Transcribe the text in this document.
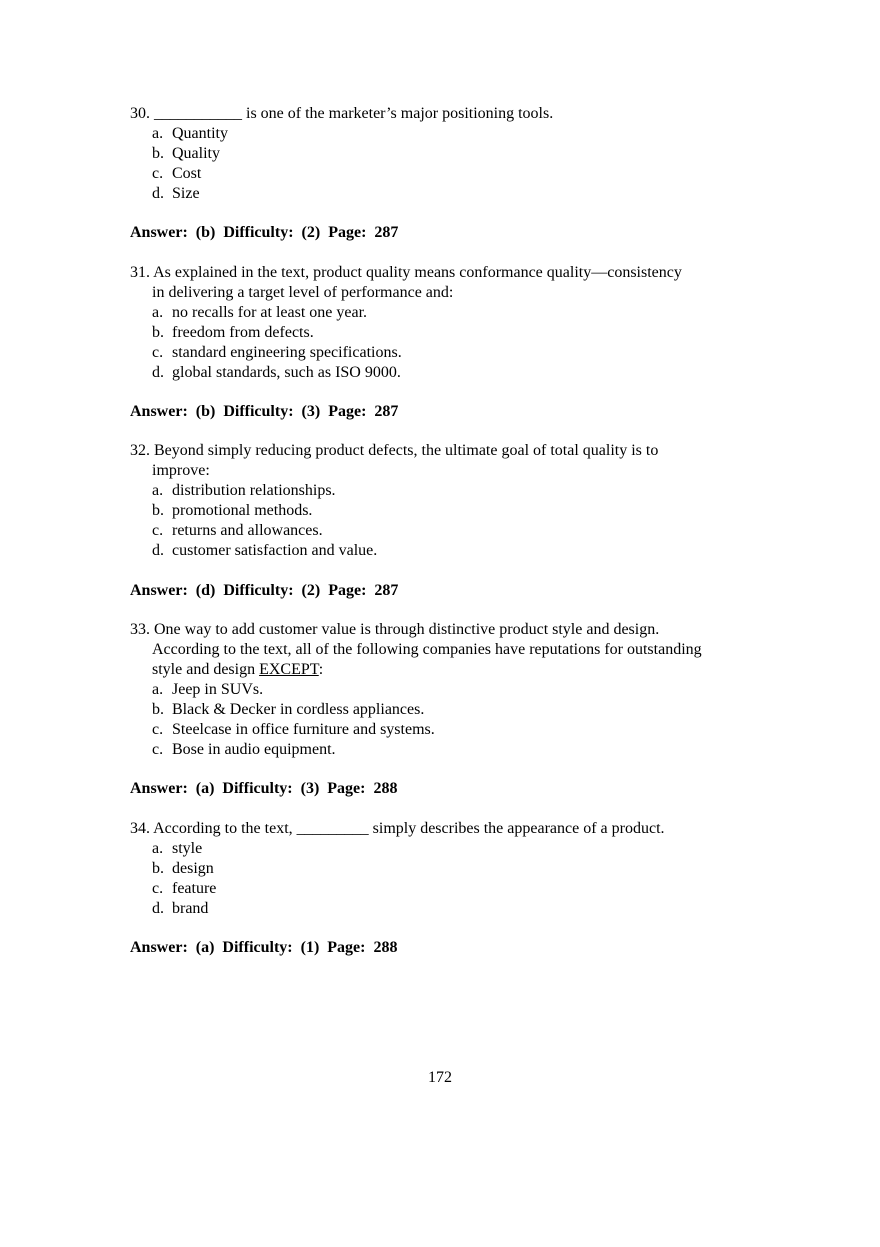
30. ___________ is one of the marketer’s major positioning tools.
a. Quantity
b. Quality
c. Cost
d. Size
Answer: (b) Difficulty: (2) Page: 287
31. As explained in the text, product quality means conformance quality—consistency
in delivering a target level of performance and:
a. no recalls for at least one year.
b. freedom from defects.
c. standard engineering specifications.
d. global standards, such as ISO 9000.
Answer: (b) Difficulty: (3) Page: 287
32. Beyond simply reducing product defects, the ultimate goal of total quality is to
improve:
a. distribution relationships.
b. promotional methods.
c. returns and allowances.
d. customer satisfaction and value.
Answer: (d) Difficulty: (2) Page: 287
33. One way to add customer value is through distinctive product style and design.
According to the text, all of the following companies have reputations for outstanding
style and design EXCEPT:
a. Jeep in SUVs.
b. Black & Decker in cordless appliances.
c. Steelcase in office furniture and systems.
c. Bose in audio equipment.
Answer: (a) Difficulty: (3) Page: 288
34. According to the text, _________ simply describes the appearance of a product.
a. style
b. design
c. feature
d. brand
Answer: (a) Difficulty: (1) Page: 288
172
